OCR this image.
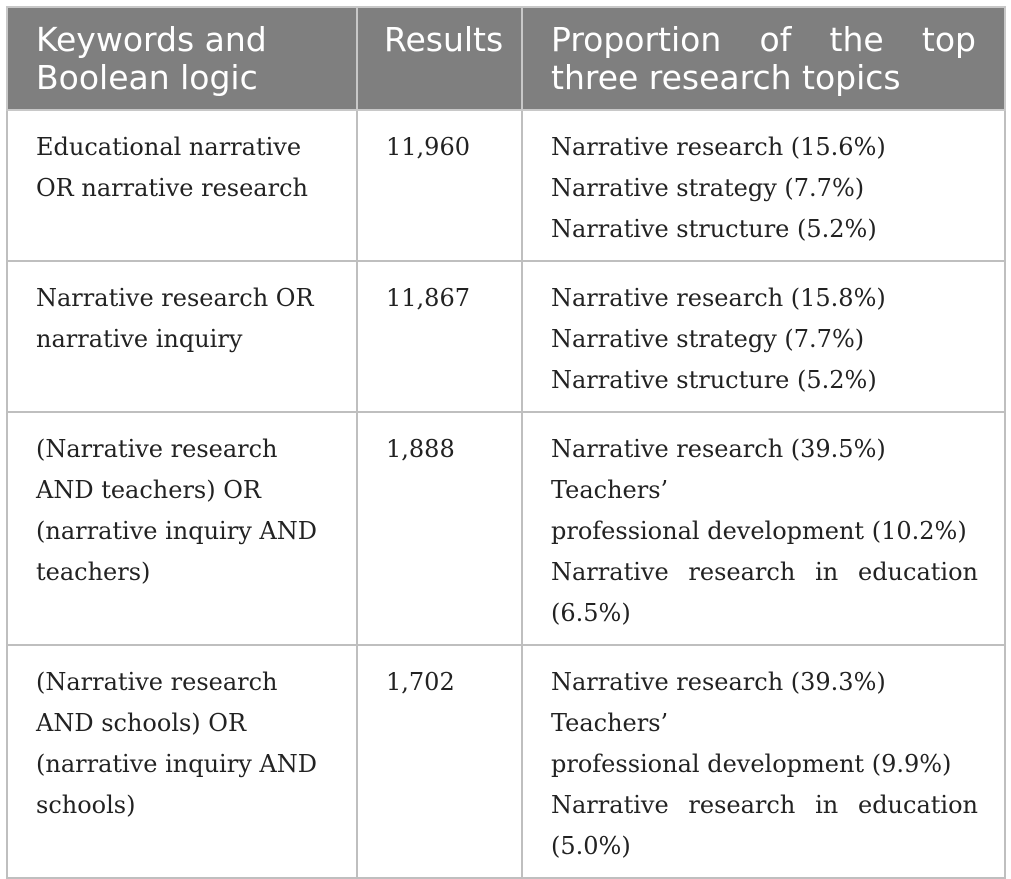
Keywords and Boolean logic	Results	Proportion of the top three research topics
Educational narrative OR narrative research	11,960	Narrative research (15.6%)
Narrative strategy (7.7%)
Narrative structure (5.2%)

Narrative research OR narrative inquiry	11,867	Narrative research (15.8%)
Narrative strategy (7.7%)
Narrative structure (5.2%)

(Narrative research AND teachers) OR (narrative inquiry AND teachers)	1,888	Narrative research (39.5%)
Teachers’
professional development (10.2%)
Narrative research in education (6.5%)

(Narrative research AND schools) OR (narrative inquiry AND schools)	1,702	Narrative research (39.3%)
Teachers’
professional development (9.9%)
Narrative research in education (5.0%)
